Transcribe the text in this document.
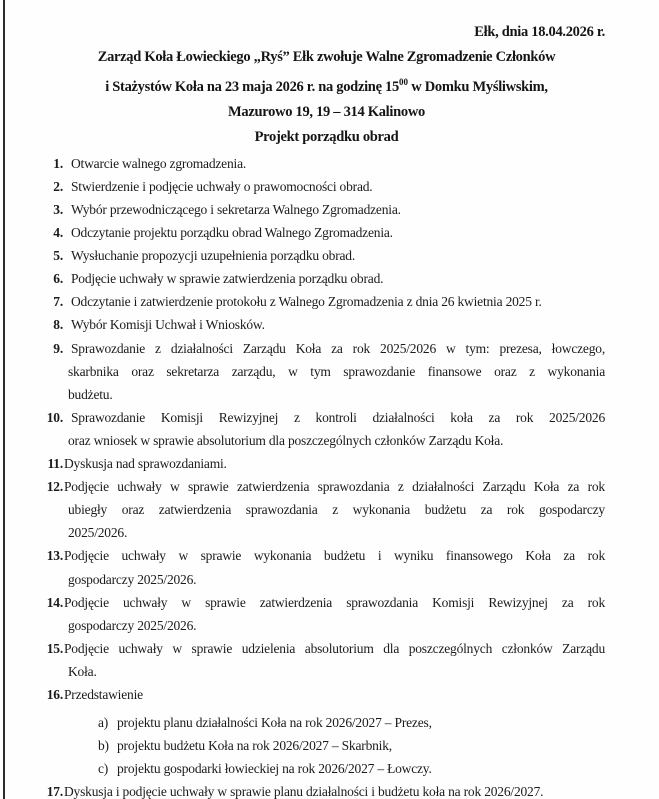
Ełk, dnia 18.04.2026 r.
Zarząd Koła Łowieckiego „Ryś” Ełk zwołuje Walne Zgromadzenie Członków
i Stażystów Koła na 23 maja 2026 r. na godzinę $15^{00}$ w Domku Myśliwskim,
Mazurowo 19, 19 – 314 Kalinowo
Projekt porządku obrad
1. Otwarcie walnego zgromadzenia.
2. Stwierdzenie i podjęcie uchwały o prawomocności obrad.
3. Wybór przewodniczącego i sekretarza Walnego Zgromadzenia.
4. Odczytanie projektu porządku obrad Walnego Zgromadzenia.
5. Wysłuchanie propozycji uzupełnienia porządku obrad.
6. Podjęcie uchwały w sprawie zatwierdzenia porządku obrad.
7. Odczytanie i zatwierdzenie protokołu z Walnego Zgromadzenia z dnia 26 kwietnia 2025 r.
8. Wybór Komisji Uchwał i Wniosków.
9. Sprawozdanie z działalności Zarządu Koła za rok 2025/2026 w tym: prezesa, łowczego,
skarbnika oraz sekretarza zarządu, w tym sprawozdanie finansowe oraz z wykonania
budżetu.
10. Sprawozdanie Komisji Rewizyjnej z kontroli działalności koła za rok 2025/2026
oraz wniosek w sprawie absolutorium dla poszczególnych członków Zarządu Koła.
11. Dyskusja nad sprawozdaniami.
12. Podjęcie uchwały w sprawie zatwierdzenia sprawozdania z działalności Zarządu Koła za rok
ubiegły oraz zatwierdzenia sprawozdania z wykonania budżetu za rok gospodarczy
2025/2026.
13. Podjęcie uchwały w sprawie wykonania budżetu i wyniku finansowego Koła za rok
gospodarczy 2025/2026.
14. Podjęcie uchwały w sprawie zatwierdzenia sprawozdania Komisji Rewizyjnej za rok
gospodarczy 2025/2026.
15. Podjęcie uchwały w sprawie udzielenia absolutorium dla poszczególnych członków Zarządu
Koła.
16. Przedstawienie
a) projektu planu działalności Koła na rok 2026/2027 – Prezes,
b) projektu budżetu Koła na rok 2026/2027 – Skarbnik,
c) projektu gospodarki łowieckiej na rok 2026/2027 – Łowczy.
17. Dyskusja i podjęcie uchwały w sprawie planu działalności i budżetu koła na rok 2026/2027.
